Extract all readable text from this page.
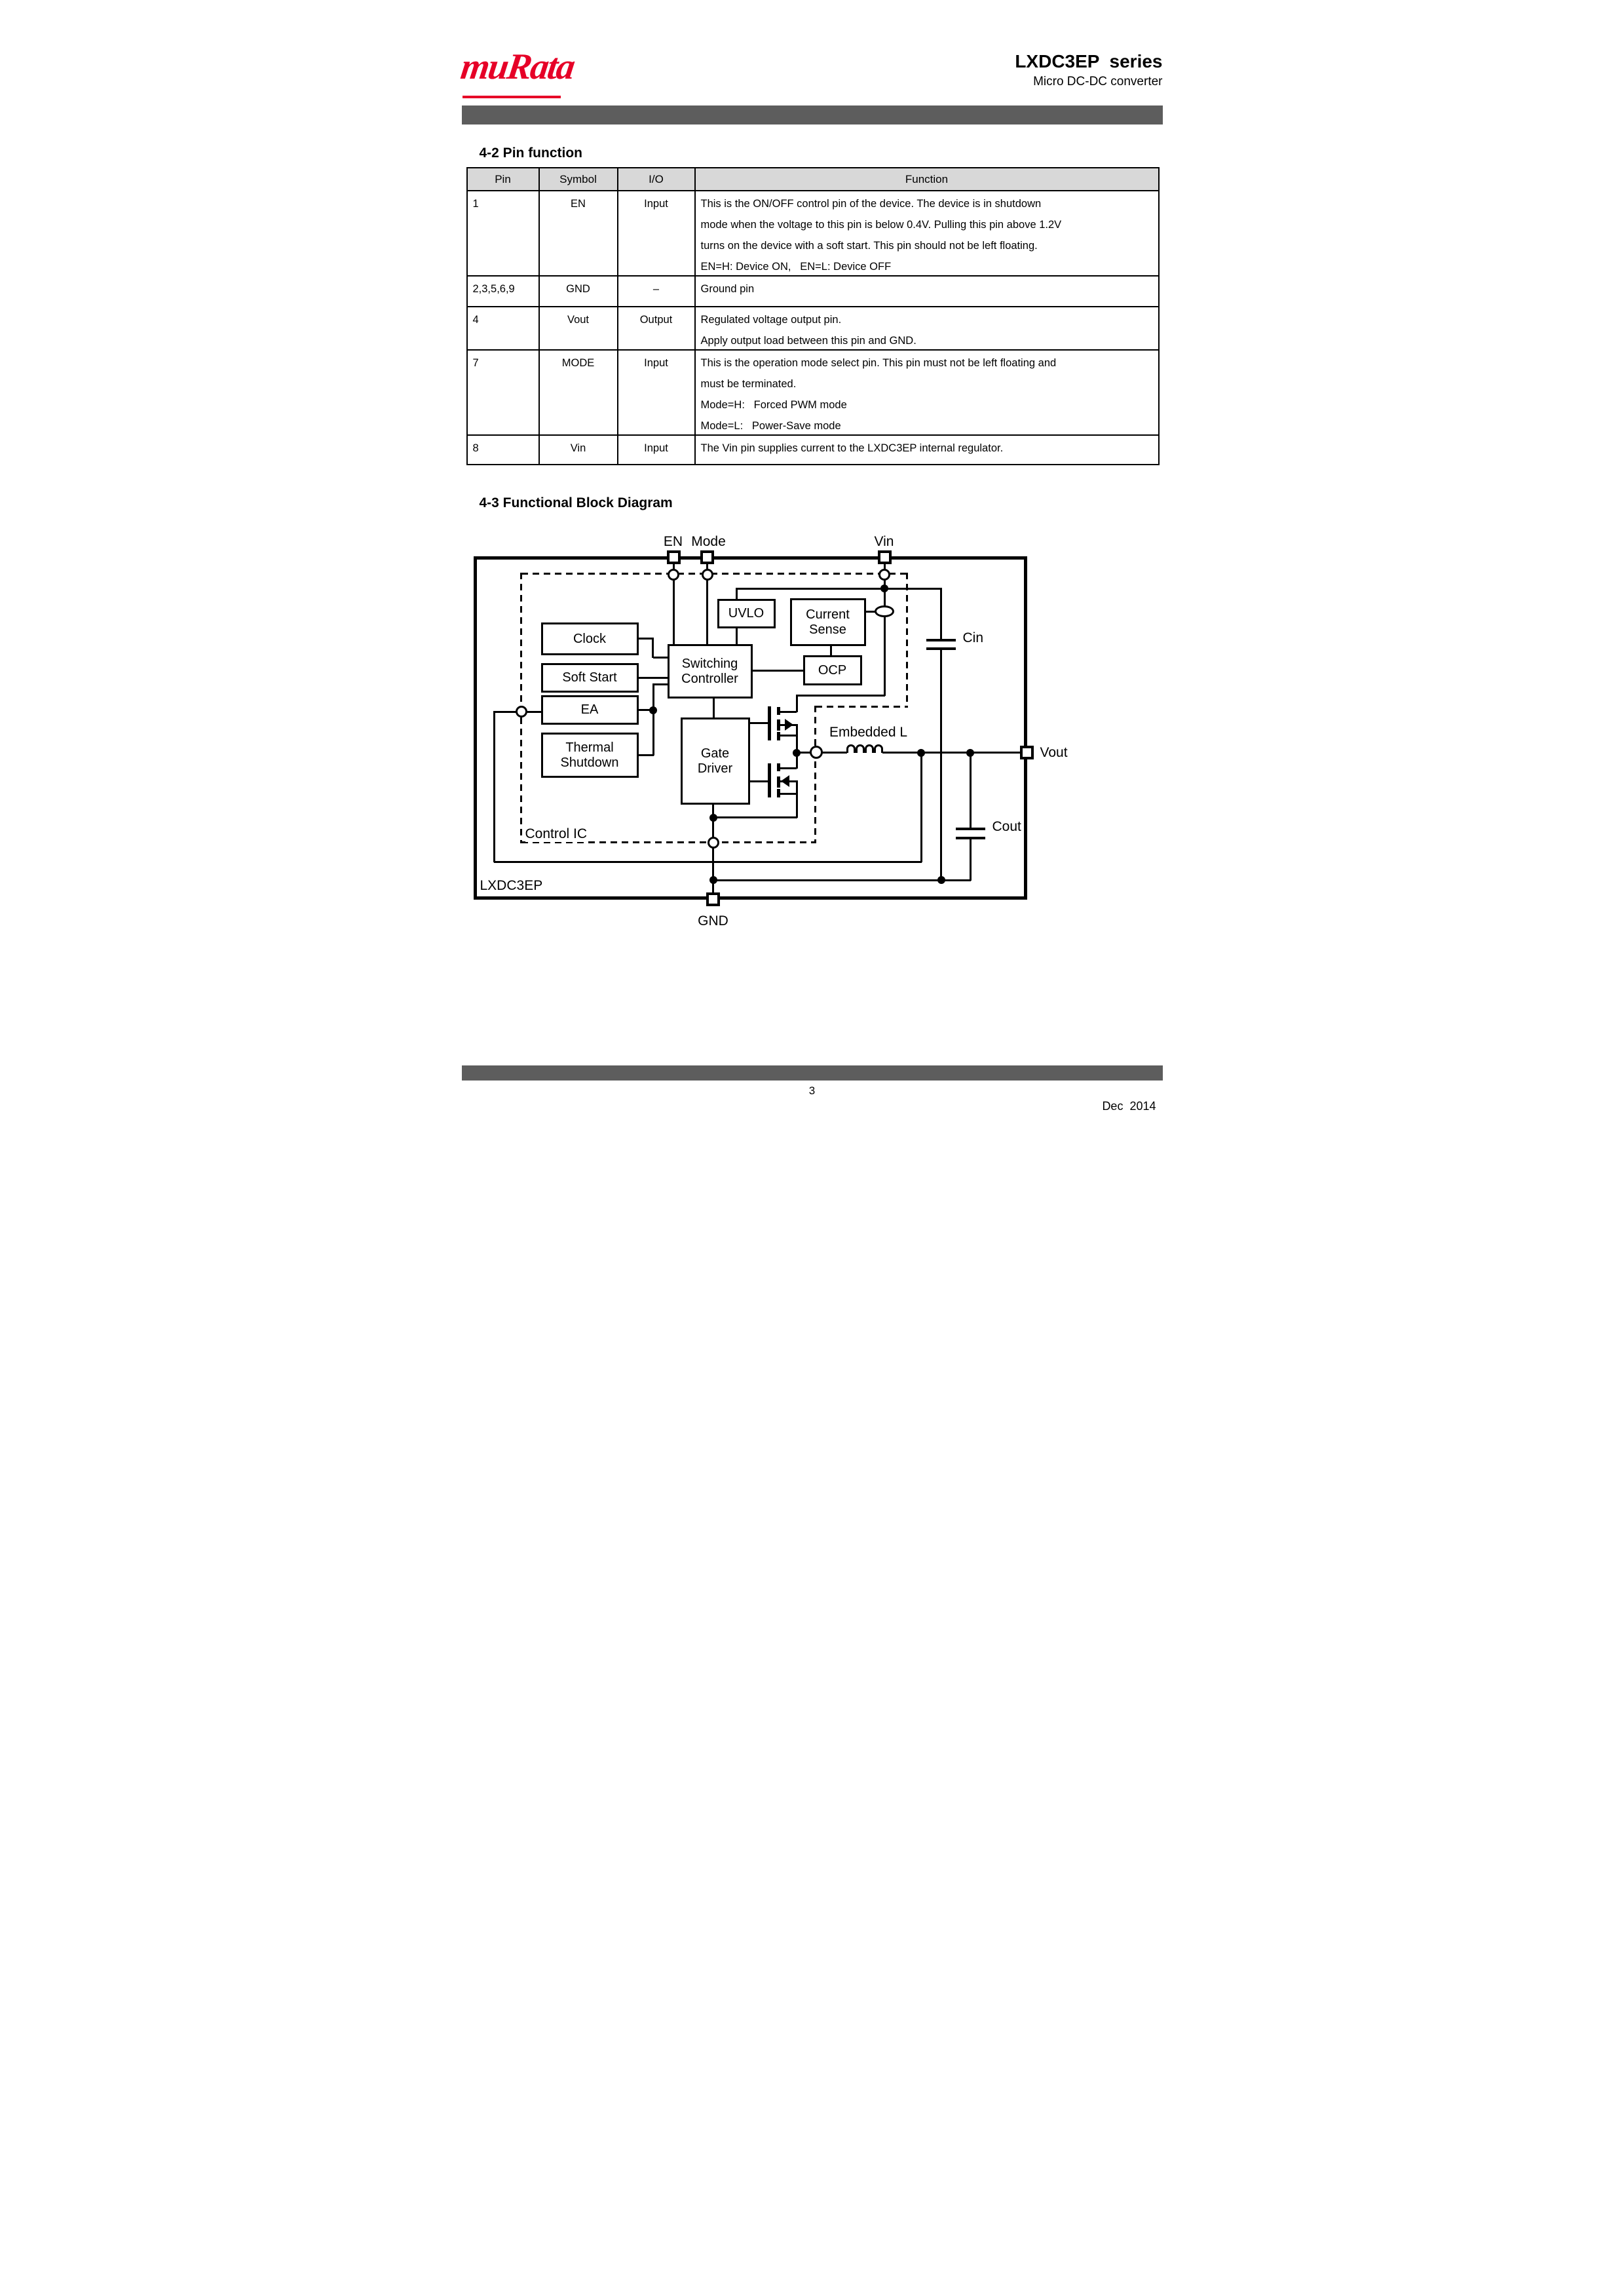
muRata	LXDC3EP  series
Micro DC-DC converter
4-2 Pin function
Pin	Symbol	I/O	Function

1	EN	Input	This is the ON/OFF control pin of the device. The device is in shutdown
mode when the voltage to this pin is below 0.4V. Pulling this pin above 1.2V
turns on the device with a soft start. This pin should not be left floating.
EN=H: Device ON,   EN=L: Device OFF

2,3,5,6,9	GND	–	Ground pin

4	Vout	Output	Regulated voltage output pin.
Apply output load between this pin and GND.

7	MODE	Input	This is the operation mode select pin. This pin must not be left floating and
must be terminated.
Mode=H:   Forced PWM mode
Mode=L:   Power-Save mode

8	Vin	Input	The Vin pin supplies current to the LXDC3EP internal regulator.
4-3 Functional Block Diagram
Clock
Soft Start
EA
Thermal Shutdown
Switching Controller
Gate Driver
UVLO	Current Sense
OCP
EN Mode	Vin
Vout
GND
Cin
Cout
Embedded L
Control IC
LXDC3EP
3
Dec  2014
